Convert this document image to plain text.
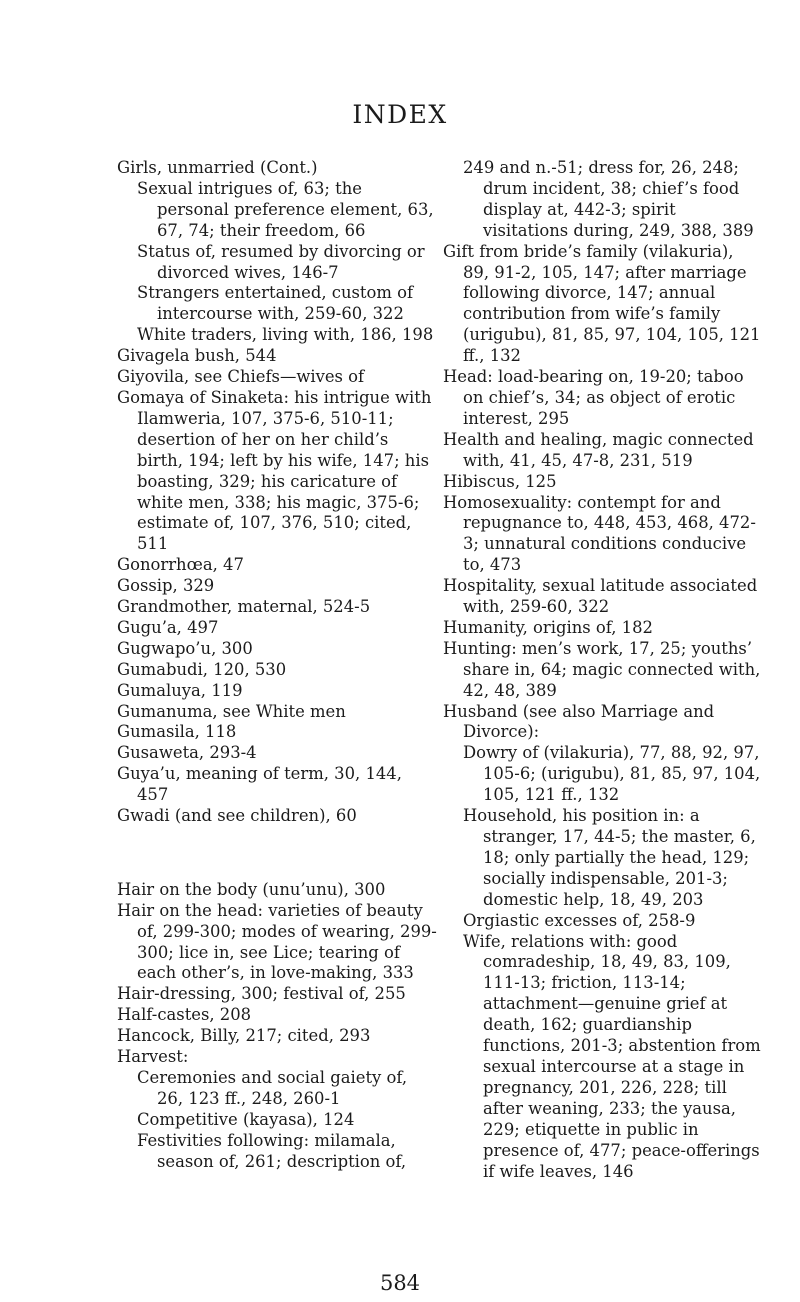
INDEX

Girls, unmarried (Cont.)

Sexual intrigues of, 63; the personal preference element, 63, 67, 74; their freedom, 66

Status of, resumed by divorcing or divorced wives, 146-7

Strangers entertained, custom of intercourse with, 259-60, 322

White traders, living with, 186, 198

Givagela bush, 544

Giyovila, see Chiefs—wives of

Gomaya of Sinaketa: his intrigue with Ilamweria, 107, 375-6, 510-11; desertion of her on her child’s birth, 194; left by his wife, 147; his boasting, 329; his caricature of white men, 338; his magic, 375-6; estimate of, 107, 376, 510; cited, 511

Gonorrhœa, 47

Gossip, 329

Grandmother, maternal, 524-5

Gugu’a, 497

Gugwapo’u, 300

Gumabudi, 120, 530

Gumaluya, 119

Gumanuma, see White men

Gumasila, 118

Gusaweta, 293-4

Guya’u, meaning of term, 30, 144, 457

Gwadi (and see children), 60

Hair on the body (unu’unu), 300

Hair on the head: varieties of beauty of, 299-300; modes of wearing, 299-300; lice in, see Lice; tearing of each other’s, in love-making, 333

Hair-dressing, 300; festival of, 255

Half-castes, 208

Hancock, Billy, 217; cited, 293

Harvest:

Ceremonies and social gaiety of, 26, 123 ff., 248, 260-1

Competitive (kayasa), 124

Festivities following: milamala, season of, 261; description of,

249 and n.-51; dress for, 26, 248; drum incident, 38; chief’s food display at, 442-3; spirit visitations during, 249, 388, 389

Gift from bride’s family (vilakuria), 89, 91-2, 105, 147; after marriage following divorce, 147; annual contribution from wife’s family (urigubu), 81, 85, 97, 104, 105, 121 ff., 132

Head: load-bearing on, 19-20; taboo on chief’s, 34; as object of erotic interest, 295

Health and healing, magic connected with, 41, 45, 47-8, 231, 519

Hibiscus, 125

Homosexuality: contempt for and repugnance to, 448, 453, 468, 472-3; unnatural conditions conducive to, 473

Hospitality, sexual latitude associated with, 259-60, 322

Humanity, origins of, 182

Hunting: men’s work, 17, 25; youths’ share in, 64; magic connected with, 42, 48, 389

Husband (see also Marriage and Divorce):

Dowry of (vilakuria), 77, 88, 92, 97, 105-6; (urigubu), 81, 85, 97, 104, 105, 121 ff., 132

Household, his position in: a stranger, 17, 44-5; the master, 6, 18; only partially the head, 129; socially indispensable, 201-3; domestic help, 18, 49, 203

Orgiastic excesses of, 258-9

Wife, relations with: good comradeship, 18, 49, 83, 109, 111-13; friction, 113-14; attachment—genuine grief at death, 162; guardianship functions, 201-3; abstention from sexual intercourse at a stage in pregnancy, 201, 226, 228; till after weaning, 233; the yausa, 229; etiquette in public in presence of, 477; peace-offerings if wife leaves, 146

584
